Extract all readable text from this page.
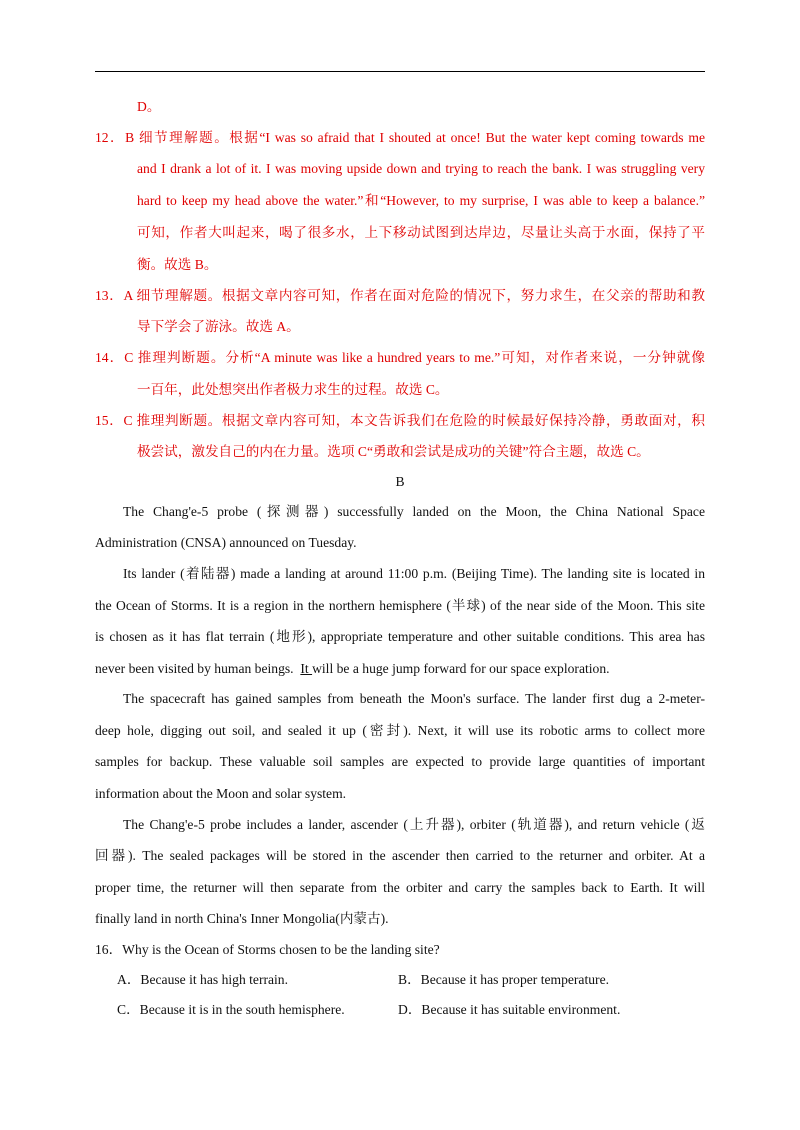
D。
12．B 细节理解题。根据“I was so afraid that I shouted at once! But the water kept coming towards me
and I drank a lot of it. I was moving upside down and trying to reach the bank. I was struggling very
hard to keep my head above the water.”和“However, to my surprise, I was able to keep a balance.”
可知，作者大叫起来，喝了很多水，上下移动试图到达岸边，尽量让头高于水面，保持了平
衡。故选 B。
13．A 细节理解题。根据文章内容可知，作者在面对危险的情况下，努力求生，在父亲的帮助和教
导下学会了游泳。故选 A。
14．C 推理判断题。分析“A minute was like a hundred years to me.”可知，对作者来说，一分钟就像
一百年，此处想突出作者极力求生的过程。故选 C。
15．C 推理判断题。根据文章内容可知，本文告诉我们在危险的时候最好保持冷静，勇敢面对，积
极尝试，激发自己的内在力量。选项 C“勇敢和尝试是成功的关键”符合主题，故选 C。
B
The Chang'e-5 probe (探测器) successfully landed on the Moon, the China National Space
Administration (CNSA) announced on Tuesday.
Its lander (着陆器) made a landing at around 11:00 p.m. (Beijing Time). The landing site is located in
the Ocean of Storms. It is a region in the northern hemisphere (半球) of the near side of the Moon. This site
is chosen as it has flat terrain (地形), appropriate temperature and other suitable conditions. This area has
never been visited by human beings.  It will be a huge jump forward for our space exploration.
The spacecraft has gained samples from beneath the Moon's surface. The lander first dug a 2-meter-
deep hole, digging out soil, and sealed it up (密封). Next, it will use its robotic arms to collect more
samples for backup. These valuable soil samples are expected to provide large quantities of important
information about the Moon and solar system.
The Chang'e-5 probe includes a lander, ascender (上升器), orbiter (轨道器), and return vehicle (返
回器). The sealed packages will be stored in the ascender then carried to the returner and orbiter. At a
proper time, the returner will then separate from the orbiter and carry the samples back to Earth. It will
finally land in north China's Inner Mongolia(内蒙古).
16．Why is the Ocean of Storms chosen to be the landing site?
A．Because it has high terrain.	B．Because it has proper temperature.
C．Because it is in the south hemisphere.	D．Because it has suitable environment.
